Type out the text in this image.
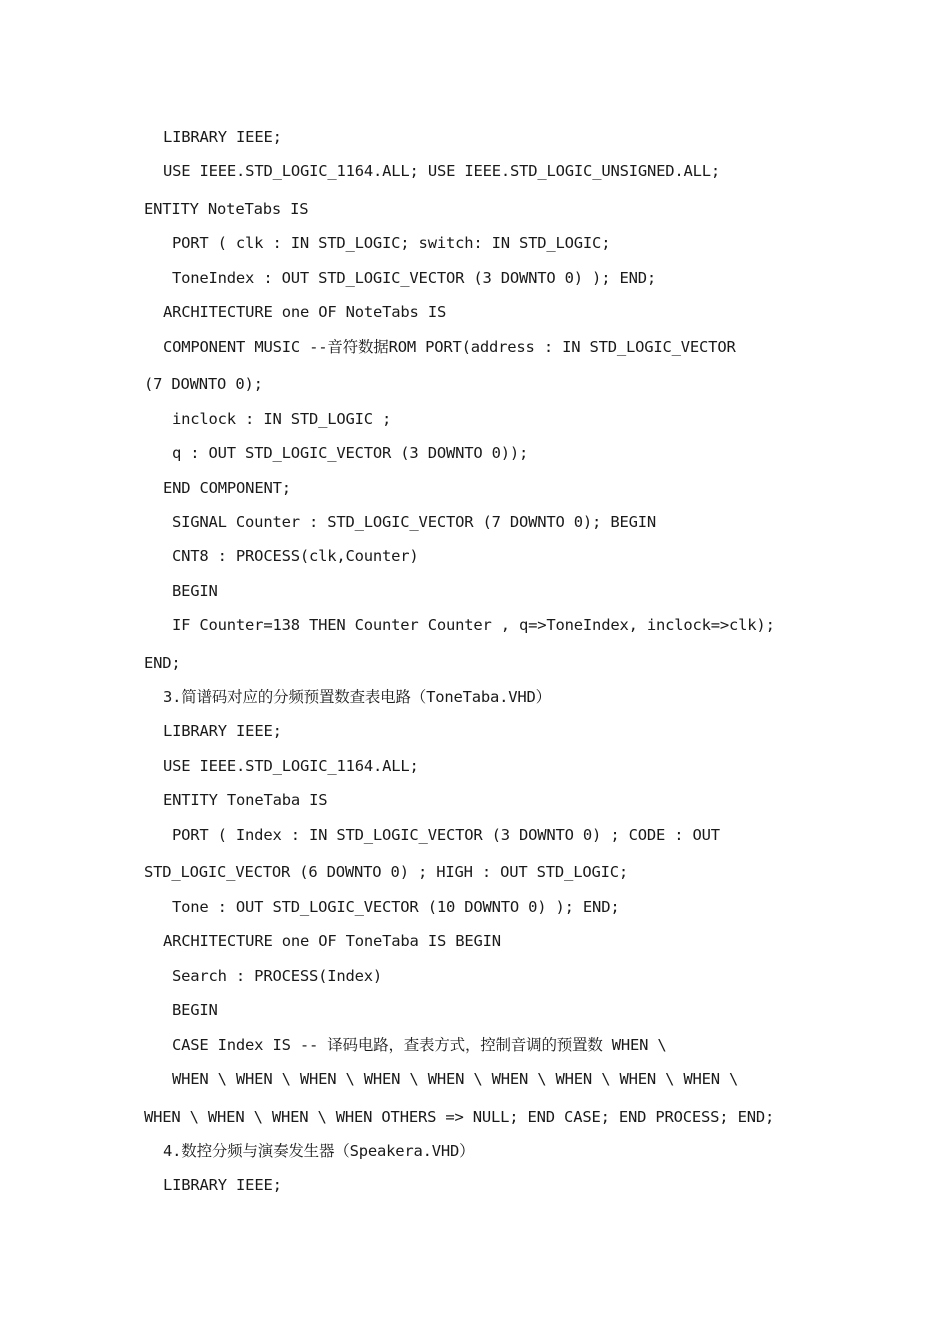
LIBRARY IEEE;
USE IEEE.STD_LOGIC_1164.ALL; USE IEEE.STD_LOGIC_UNSIGNED.ALL;
ENTITY NoteTabs IS
PORT ( clk : IN STD_LOGIC; switch: IN STD_LOGIC;
ToneIndex : OUT STD_LOGIC_VECTOR (3 DOWNTO 0) ); END;
ARCHITECTURE one OF NoteTabs IS
COMPONENT MUSIC --音符数据ROM PORT(address : IN STD_LOGIC_VECTOR
(7 DOWNTO 0);
inclock : IN STD_LOGIC ;
q : OUT STD_LOGIC_VECTOR (3 DOWNTO 0));
END COMPONENT;
SIGNAL Counter : STD_LOGIC_VECTOR (7 DOWNTO 0); BEGIN
CNT8 : PROCESS(clk,Counter)
BEGIN
IF Counter=138 THEN Counter Counter , q=>ToneIndex, inclock=>clk);
END;
3.简谱码对应的分频预置数查表电路（ToneTaba.VHD）
LIBRARY IEEE;
USE IEEE.STD_LOGIC_1164.ALL;
ENTITY ToneTaba IS
PORT ( Index : IN STD_LOGIC_VECTOR (3 DOWNTO 0) ; CODE : OUT
STD_LOGIC_VECTOR (6 DOWNTO 0) ; HIGH : OUT STD_LOGIC;
Tone : OUT STD_LOGIC_VECTOR (10 DOWNTO 0) ); END;
ARCHITECTURE one OF ToneTaba IS BEGIN
Search : PROCESS(Index)
BEGIN
CASE Index IS -- 译码电路，查表方式，控制音调的预置数 WHEN \
WHEN \ WHEN \ WHEN \ WHEN \ WHEN \ WHEN \ WHEN \ WHEN \ WHEN \
WHEN \ WHEN \ WHEN \ WHEN OTHERS => NULL; END CASE; END PROCESS; END;
4.数控分频与演奏发生器（Speakera.VHD）
LIBRARY IEEE;
